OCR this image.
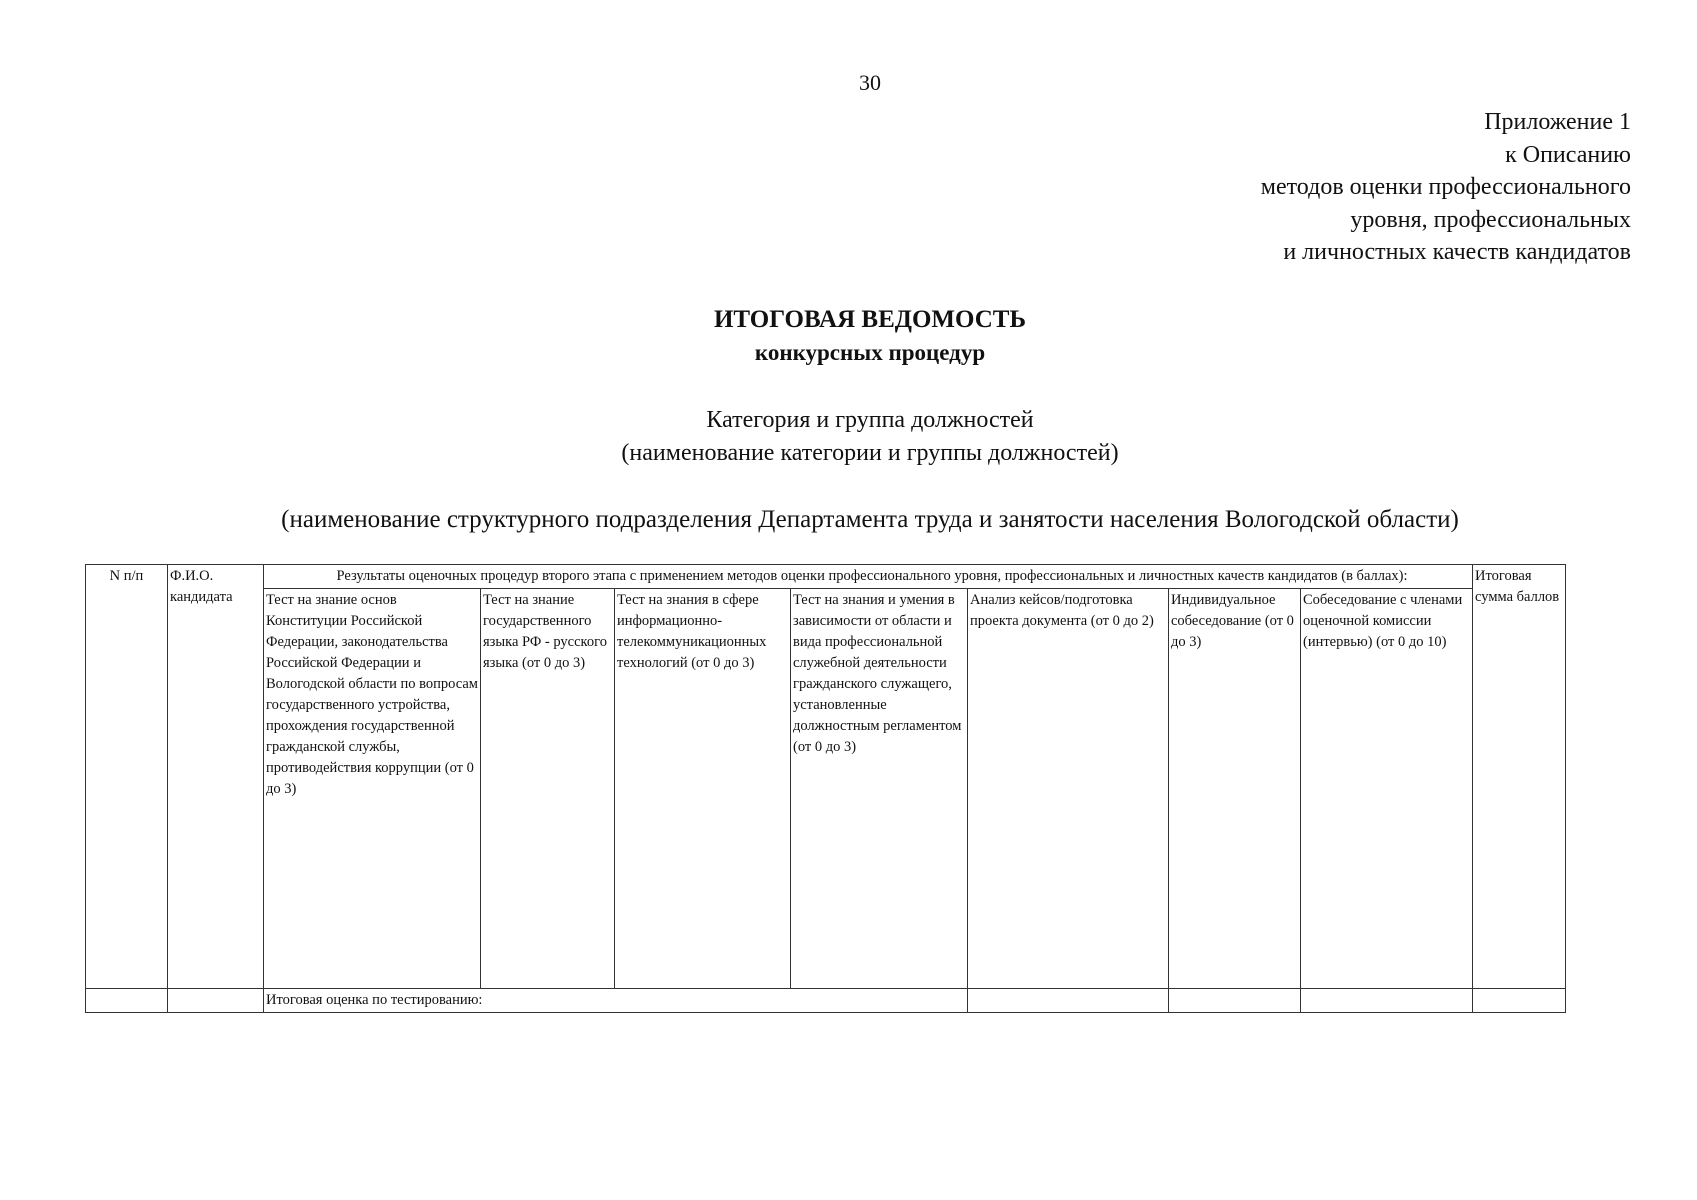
30
Приложение 1
к Описанию
методов оценки профессионального
уровня, профессиональных
и личностных качеств кандидатов
ИТОГОВАЯ ВЕДОМОСТЬ
конкурсных процедур
Категория и группа должностей
(наименование категории и группы должностей)
(наименование структурного подразделения Департамента труда и занятости населения Вологодской области)
N п/п	Ф.И.О. кандидата	Результаты оценочных процедур второго этапа с применением методов оценки профессионального уровня, профессиональных и личностных качеств кандидатов (в баллах):							Итоговая сумма баллов
		Тест на знание основ Конституции Российской Федерации, законодательства Российской Федерации и Вологодской области по вопросам государственного устройства, прохождения государственной гражданской службы, противодействия коррупции (от 0 до 3)	Тест на знание государственного языка РФ - русского языка (от 0 до 3)	Тест на знания в сфере информационно-телекоммуникационных технологий (от 0 до 3)	Тест на знания и умения в зависимости от области и вида профессиональной служебной деятельности гражданского служащего, установленные должностным регламентом (от 0 до 3)	Анализ кейсов/подготовка проекта документа (от 0 до 2)	Индивидуальное собеседование (от 0 до 3)	Собеседование с членами оценочной комиссии (интервью) (от 0 до 10)	
		Итоговая оценка по тестированию:							
